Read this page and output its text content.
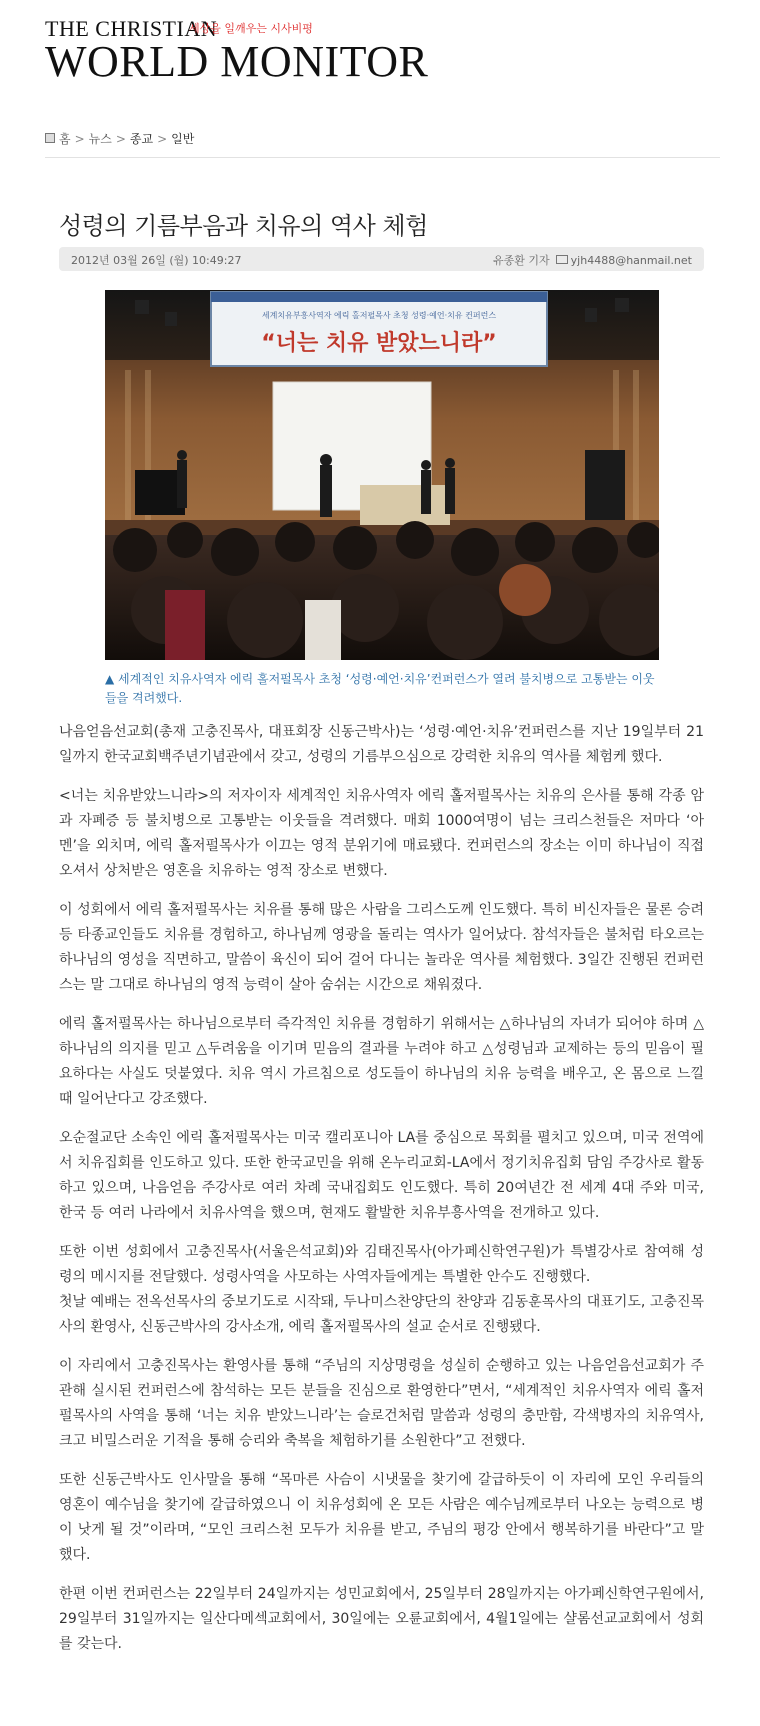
THE CHRISTIAN
세상을 일깨우는 시사비평
WORLD MONITOR
홈 > 뉴스 > 종교 > 일반
성령의 기름부음과 치유의 역사 체험
2012년 03월 26일 (월) 10:49:27	유종환 기자 yjh4488@hanmail.net
세계치유부흥사역자 에릭 홀저펄목사 초청 성령·예언·치유 컨퍼런스
“너는 치유 받았느니라”
▲ 세계적인 치유사역자 에릭 홀저펄목사 초청 ‘성령·예언·치유’컨퍼런스가 열려 불치병으로 고통받는 이웃들을 격려했다.

나음얻음선교회(총재 고충진목사, 대표회장 신동근박사)는 ‘성령·예언·치유’컨퍼런스를 지난 19일부터 21일까지 한국교회백주년기념관에서 갖고, 성령의 기름부으심으로 강력한 치유의 역사를 체험케 했다.

<너는 치유받았느니라>의 저자이자 세계적인 치유사역자 에릭 홀저펄목사는 치유의 은사를 통해 각종 암과 자폐증 등 불치병으로 고통받는 이웃들을 격려했다. 매회 1000여명이 넘는 크리스천들은 저마다 ‘아멘’을 외치며, 에릭 홀저펄목사가 이끄는 영적 분위기에 매료됐다. 컨퍼런스의 장소는 이미 하나님이 직접 오셔서 상처받은 영혼을 치유하는 영적 장소로 변했다.

이 성회에서 에릭 홀저펄목사는 치유를 통해 많은 사람을 그리스도께 인도했다. 특히 비신자들은 물론 승려 등 타종교인들도 치유를 경험하고, 하나님께 영광을 돌리는 역사가 일어났다. 참석자들은 불처럼 타오르는 하나님의 영성을 직면하고, 말씀이 육신이 되어 걸어 다니는 놀라운 역사를 체험했다. 3일간 진행된 컨퍼런스는 말 그대로 하나님의 영적 능력이 살아 숨쉬는 시간으로 채워졌다.

에릭 홀저펄목사는 하나님으로부터 즉각적인 치유를 경험하기 위해서는 △하나님의 자녀가 되어야 하며 △하나님의 의지를 믿고 △두려움을 이기며 믿음의 결과를 누려야 하고 △성령님과 교제하는 등의 믿음이 필요하다는 사실도 덧붙였다. 치유 역시 가르침으로 성도들이 하나님의 치유 능력을 배우고, 온 몸으로 느낄 때 일어난다고 강조했다.

오순절교단 소속인 에릭 홀저펄목사는 미국 캘리포니아 LA를 중심으로 목회를 펼치고 있으며, 미국 전역에서 치유집회를 인도하고 있다. 또한 한국교민을 위해 온누리교회-LA에서 정기치유집회 담임 주강사로 활동하고 있으며, 나음얻음 주강사로 여러 차례 국내집회도 인도했다. 특히 20여년간 전 세계 4대 주와 미국, 한국 등 여러 나라에서 치유사역을 했으며, 현재도 활발한 치유부흥사역을 전개하고 있다.

또한 이번 성회에서 고충진목사(서울은석교회)와 김태진목사(아가페신학연구원)가 특별강사로 참여해 성령의 메시지를 전달했다. 성령사역을 사모하는 사역자들에게는 특별한 안수도 진행했다.
첫날 예배는 전옥선목사의 중보기도로 시작돼, 두나미스찬양단의 찬양과 김동훈목사의 대표기도, 고충진목사의 환영사, 신동근박사의 강사소개, 에릭 홀저펄목사의 설교 순서로 진행됐다.

이 자리에서 고충진목사는 환영사를 통해 “주님의 지상명령을 성실히 순행하고 있는 나음얻음선교회가 주관해 실시된 컨퍼런스에 참석하는 모든 분들을 진심으로 환영한다”면서, “세계적인 치유사역자 에릭 홀저펄목사의 사역을 통해 ‘너는 치유 받았느니라’는 슬로건처럼 말씀과 성령의 충만함, 각색병자의 치유역사, 크고 비밀스러운 기적을 통해 승리와 축복을 체험하기를 소원한다”고 전했다.

또한 신동근박사도 인사말을 통해 “목마른 사슴이 시냇물을 찾기에 갈급하듯이 이 자리에 모인 우리들의 영혼이 예수님을 찾기에 갈급하였으니 이 치유성회에 온 모든 사람은 예수님께로부터 나오는 능력으로 병이 낫게 될 것”이라며, “모인 크리스천 모두가 치유를 받고, 주님의 평강 안에서 행복하기를 바란다”고 말했다.

한편 이번 컨퍼런스는 22일부터 24일까지는 성민교회에서, 25일부터 28일까지는 아가페신학연구원에서, 29일부터 31일까지는 일산다메섹교회에서, 30일에는 오륜교회에서, 4월1일에는 샬롬선교교회에서 성회를 갖는다.
